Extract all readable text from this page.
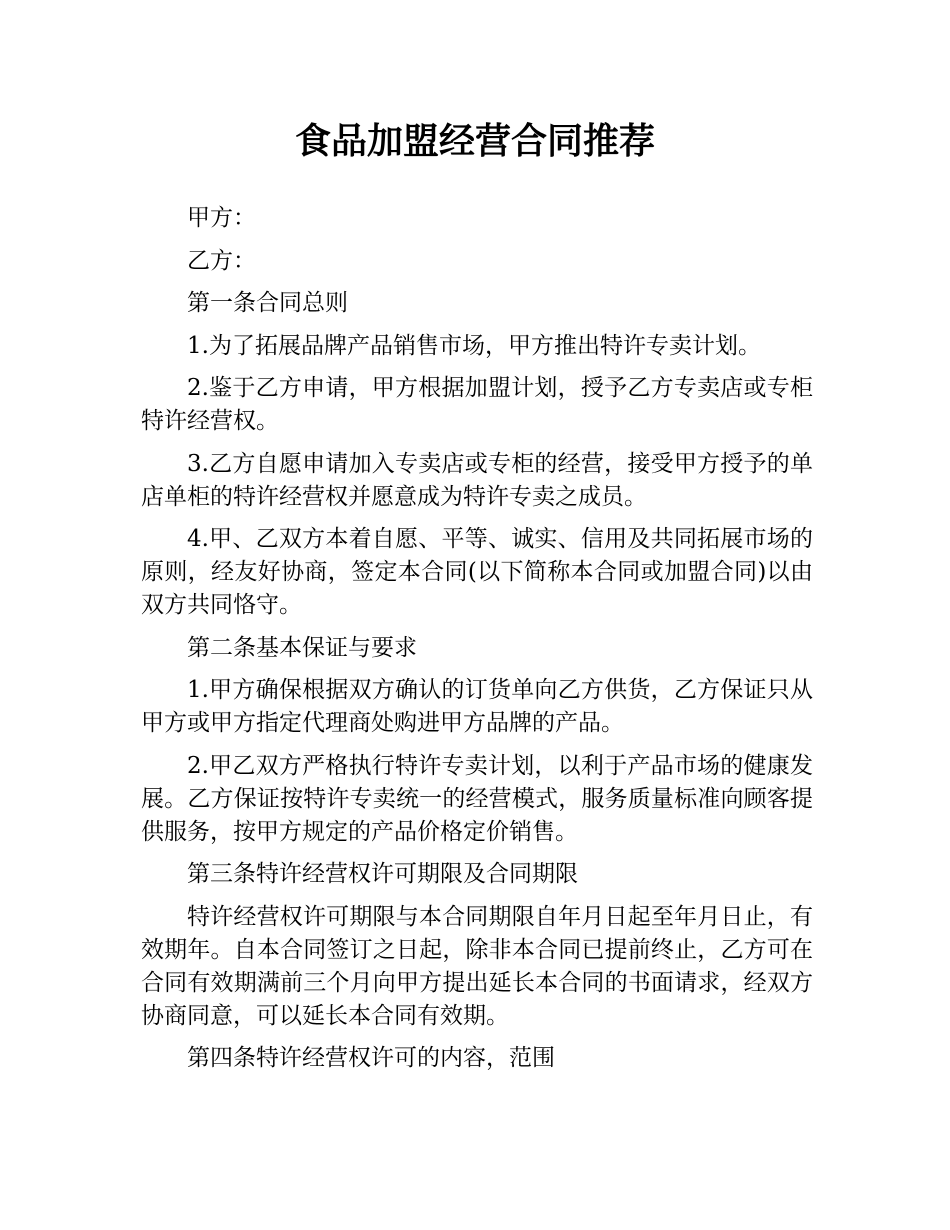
食品加盟经营合同推荐

甲方：

乙方：

第一条合同总则

1.为了拓展品牌产品销售市场，甲方推出特许专卖计划。

2.鉴于乙方申请，甲方根据加盟计划，授予乙方专卖店或专柜特许经营权。

3.乙方自愿申请加入专卖店或专柜的经营，接受甲方授予的单店单柜的特许经营权并愿意成为特许专卖之成员。

4.甲、乙双方本着自愿、平等、诚实、信用及共同拓展市场的原则，经友好协商，签定本合同(以下简称本合同或加盟合同)以由双方共同恪守。

第二条基本保证与要求

1.甲方确保根据双方确认的订货单向乙方供货，乙方保证只从甲方或甲方指定代理商处购进甲方品牌的产品。

2.甲乙双方严格执行特许专卖计划，以利于产品市场的健康发展。乙方保证按特许专卖统一的经营模式，服务质量标准向顾客提供服务，按甲方规定的产品价格定价销售。

第三条特许经营权许可期限及合同期限

特许经营权许可期限与本合同期限自年月日起至年月日止，有效期年。自本合同签订之日起，除非本合同已提前终止，乙方可在合同有效期满前三个月向甲方提出延长本合同的书面请求，经双方协商同意，可以延长本合同有效期。

第四条特许经营权许可的内容，范围
